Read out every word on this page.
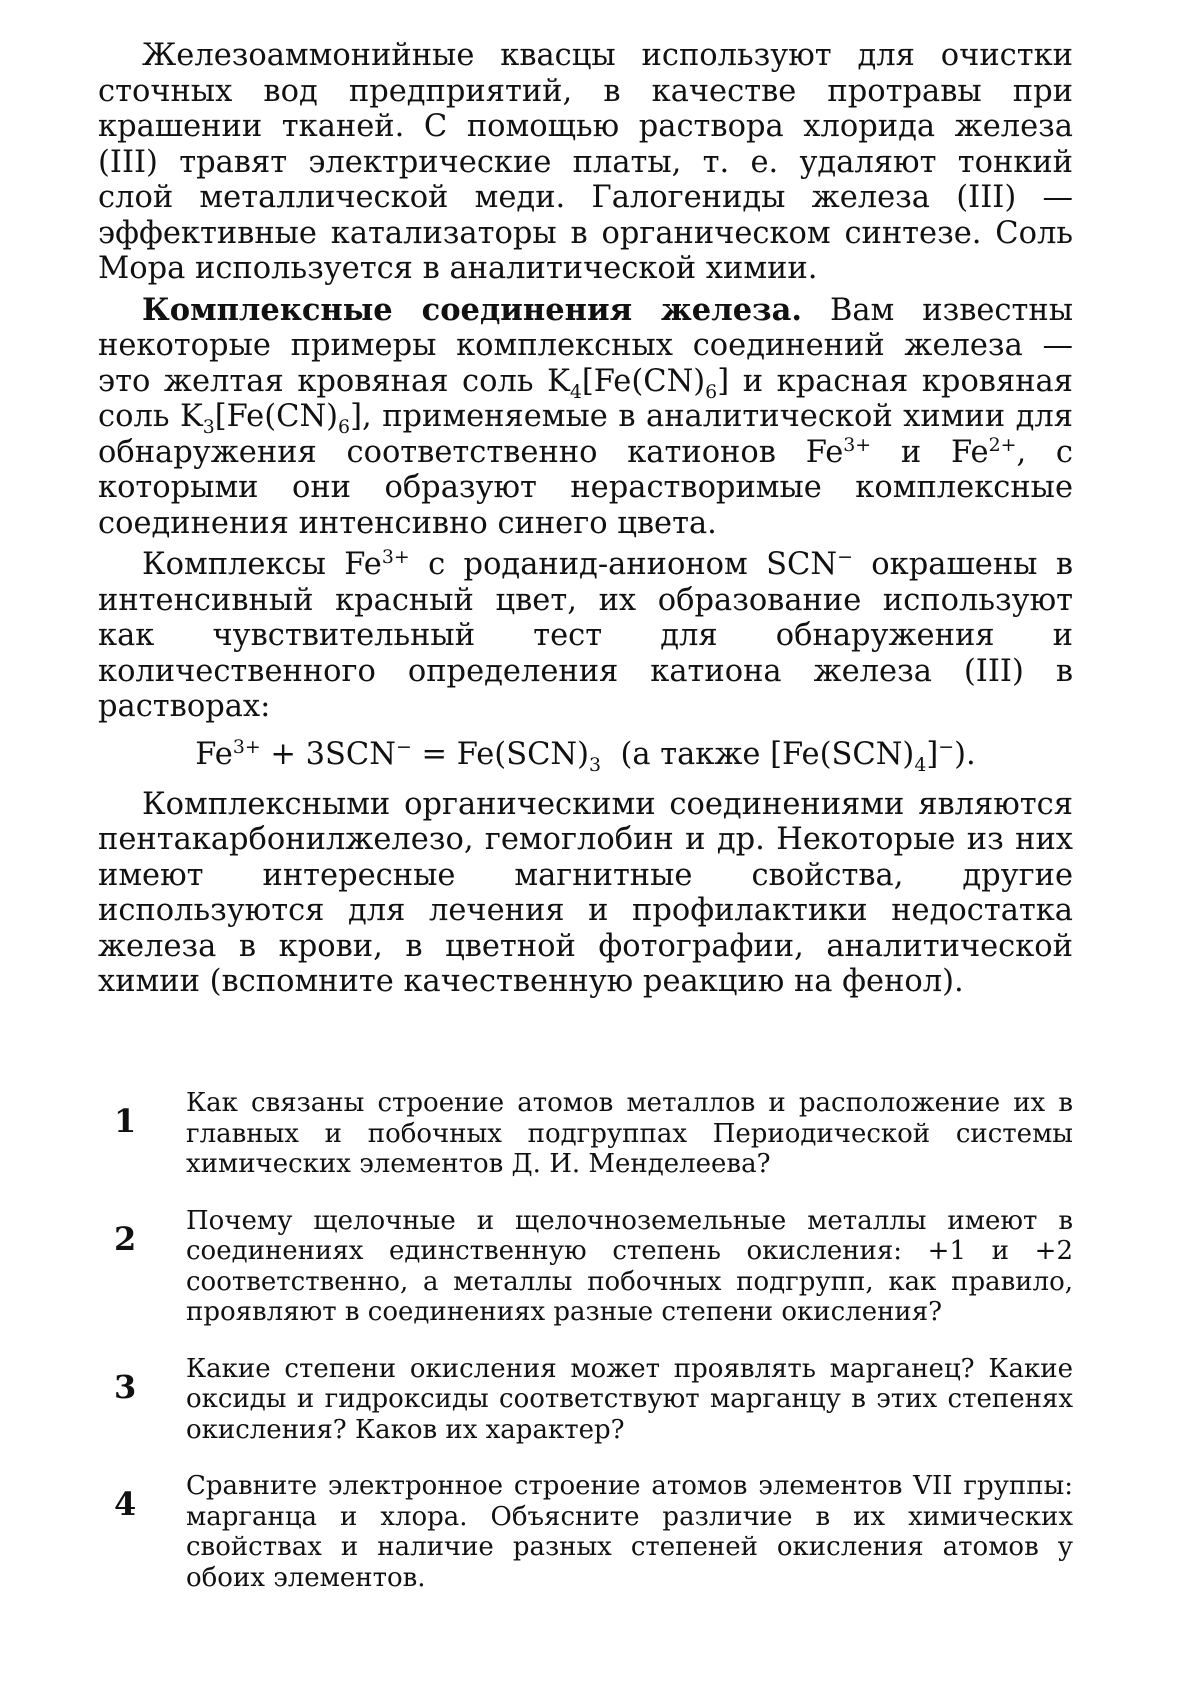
Железоаммонийные квасцы используют для очистки сточных вод предприятий, в качестве протравы при крашении тканей. С помощью раствора хлорида железа (III) травят электрические платы, т. е. удаляют тонкий слой металлической меди. Галогениды железа (III) — эффективные катализаторы в органическом синтезе. Соль Мора используется в аналитической химии.

Комплексные соединения железа. Вам известны некоторые примеры комплексных соединений железа — это желтая кровяная соль $K_4[Fe(CN)_6]$ и красная кровяная соль $K_3[Fe(CN)_6]$, применяемые в аналитической химии для обнаружения соответственно катионов $Fe^{3+}$ и $Fe^{2+}$, с которыми они образуют нерастворимые комплексные соединения интенсивно синего цвета.

Комплексы $Fe^{3+}$ с роданид-анионом SCN− окрашены в интенсивный красный цвет, их образование используют как чувствительный тест для обнаружения и количественного определения катиона железа (III) в растворах:

$Fe^{3+} + 3SCN^- = Fe(SCN)_3$  (а также $[Fe(SCN)_4]^-$).

Комплексными органическими соединениями являются пентакарбонилжелезо, гемоглобин и др. Некоторые из них имеют интересные магнитные свойства, другие используются для лечения и профилактики недостатка железа в крови, в цветной фотографии, аналитической химии (вспомните качественную реакцию на фенол).

1 Как связаны строение атомов металлов и расположение их в главных и побочных подгруппах Периодической системы химических элементов Д. И. Менделеева?

2 Почему щелочные и щелочноземельные металлы имеют в соединениях единственную степень окисления: +1 и +2 соответственно, а металлы побочных подгрупп, как правило, проявляют в соединениях разные степени окисления?

3 Какие степени окисления может проявлять марганец? Какие оксиды и гидроксиды соответствуют марганцу в этих степенях окисления? Каков их характер?

4 Сравните электронное строение атомов элементов VII группы: марганца и хлора. Объясните различие в их химических свойствах и наличие разных степеней окисления атомов у обоих элементов.
